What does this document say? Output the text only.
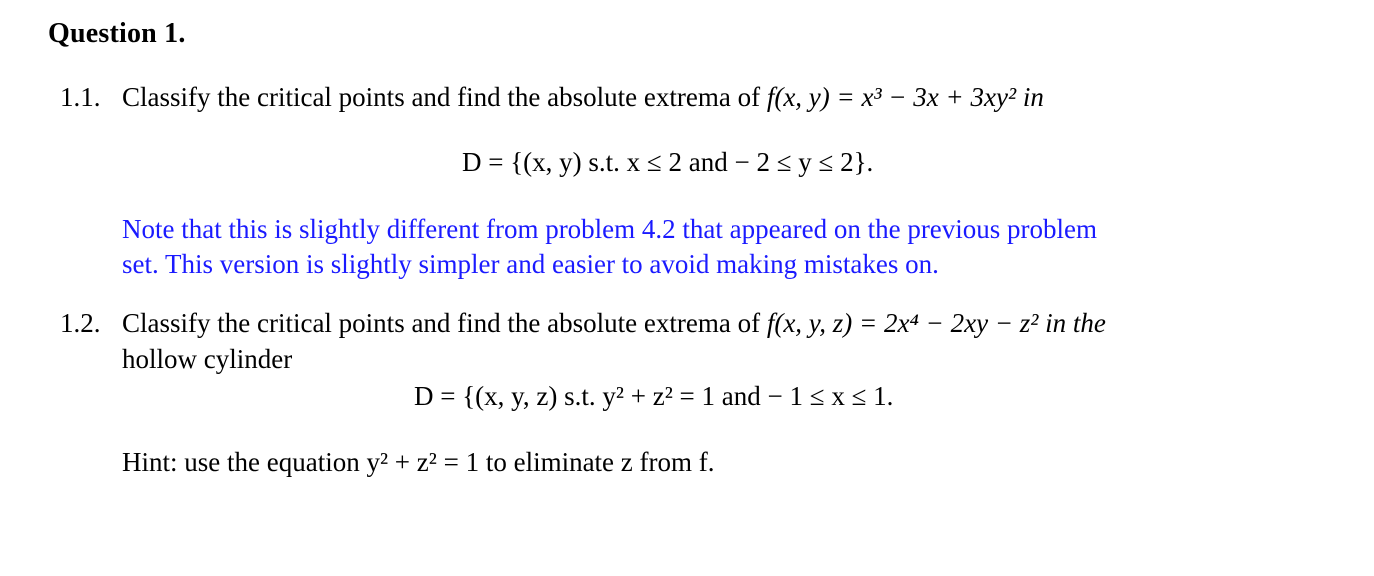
Question 1.
1.1. Classify the critical points and find the absolute extrema of f(x, y) = x³ − 3x + 3xy² in
D = {(x, y) s.t. x ≤ 2 and − 2 ≤ y ≤ 2}.
Note that this is slightly different from problem 4.2 that appeared on the previous problem
set. This version is slightly simpler and easier to avoid making mistakes on.
1.2. Classify the critical points and find the absolute extrema of f(x, y, z) = 2x⁴ − 2xy − z² in the
hollow cylinder
D = {(x, y, z) s.t. y² + z² = 1 and − 1 ≤ x ≤ 1.
Hint: use the equation y² + z² = 1 to eliminate z from f.
